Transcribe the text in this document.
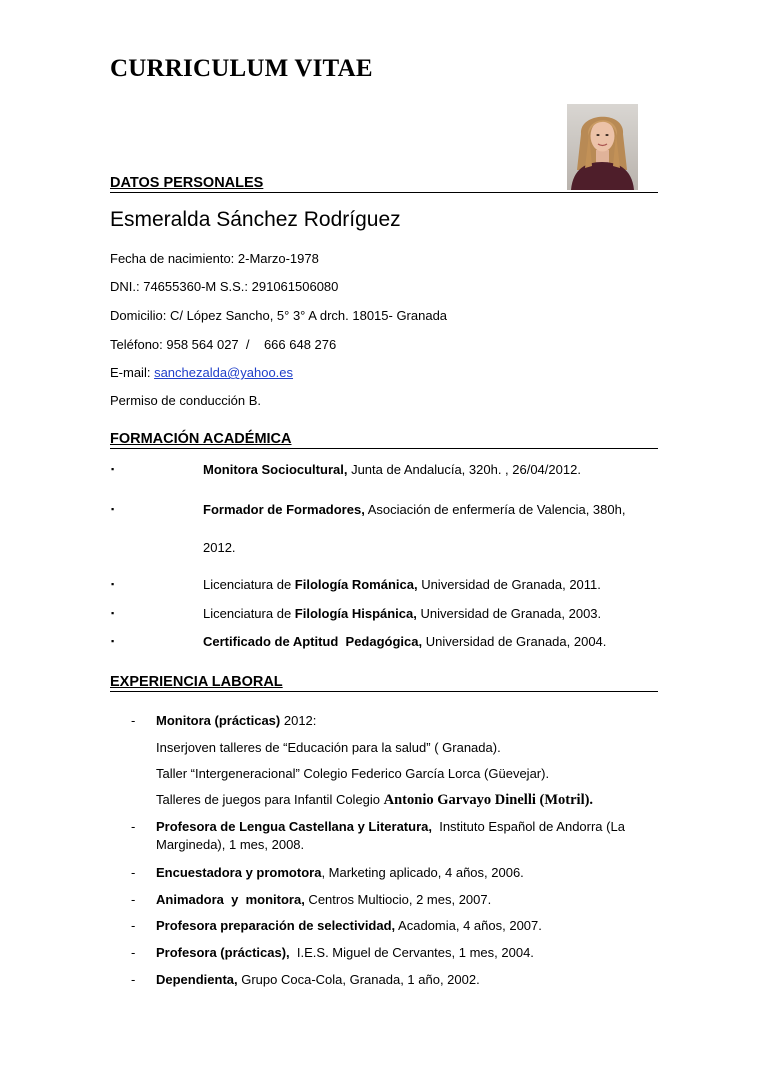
CURRICULUM VITAE
DATOS PERSONALES
Esmeralda Sánchez Rodríguez
Fecha de nacimiento: 2-Marzo-1978
DNI.: 74655360-M S.S.: 291061506080
Domicilio: C/ López Sancho, 5° 3° A drch. 18015- Granada
Teléfono: 958 564 027  /    666 648 276
E-mail: sanchezalda@yahoo.es
Permiso de conducción B.
FORMACIÓN ACADÉMICA
▪	Monitora Sociocultural, Junta de Andalucía, 320h. , 26/04/2012.
▪	Formador de Formadores, Asociación de enfermería de Valencia, 380h,
2012.
▪	Licenciatura de Filología Románica, Universidad de Granada, 2011.
▪	Licenciatura de Filología Hispánica, Universidad de Granada, 2003.
▪	Certificado de Aptitud  Pedagógica, Universidad de Granada, 2004.
EXPERIENCIA LABORAL
- Monitora (prácticas) 2012:
Inserjoven talleres de “Educación para la salud” ( Granada).
Taller “Intergeneracional” Colegio Federico García Lorca (Güevejar).
Talleres de juegos para Infantil Colegio Antonio Garvayo Dinelli (Motril).
- Profesora de Lengua Castellana y Literatura,  Instituto Español de Andorra (La
Margineda), 1 mes, 2008.
- Encuestadora y promotora, Marketing aplicado, 4 años, 2006.
- Animadora  y  monitora, Centros Multiocio, 2 mes, 2007.
- Profesora preparación de selectividad, Acadomia, 4 años, 2007.
- Profesora (prácticas),  I.E.S. Miguel de Cervantes, 1 mes, 2004.
- Dependienta, Grupo Coca-Cola, Granada, 1 año, 2002.
